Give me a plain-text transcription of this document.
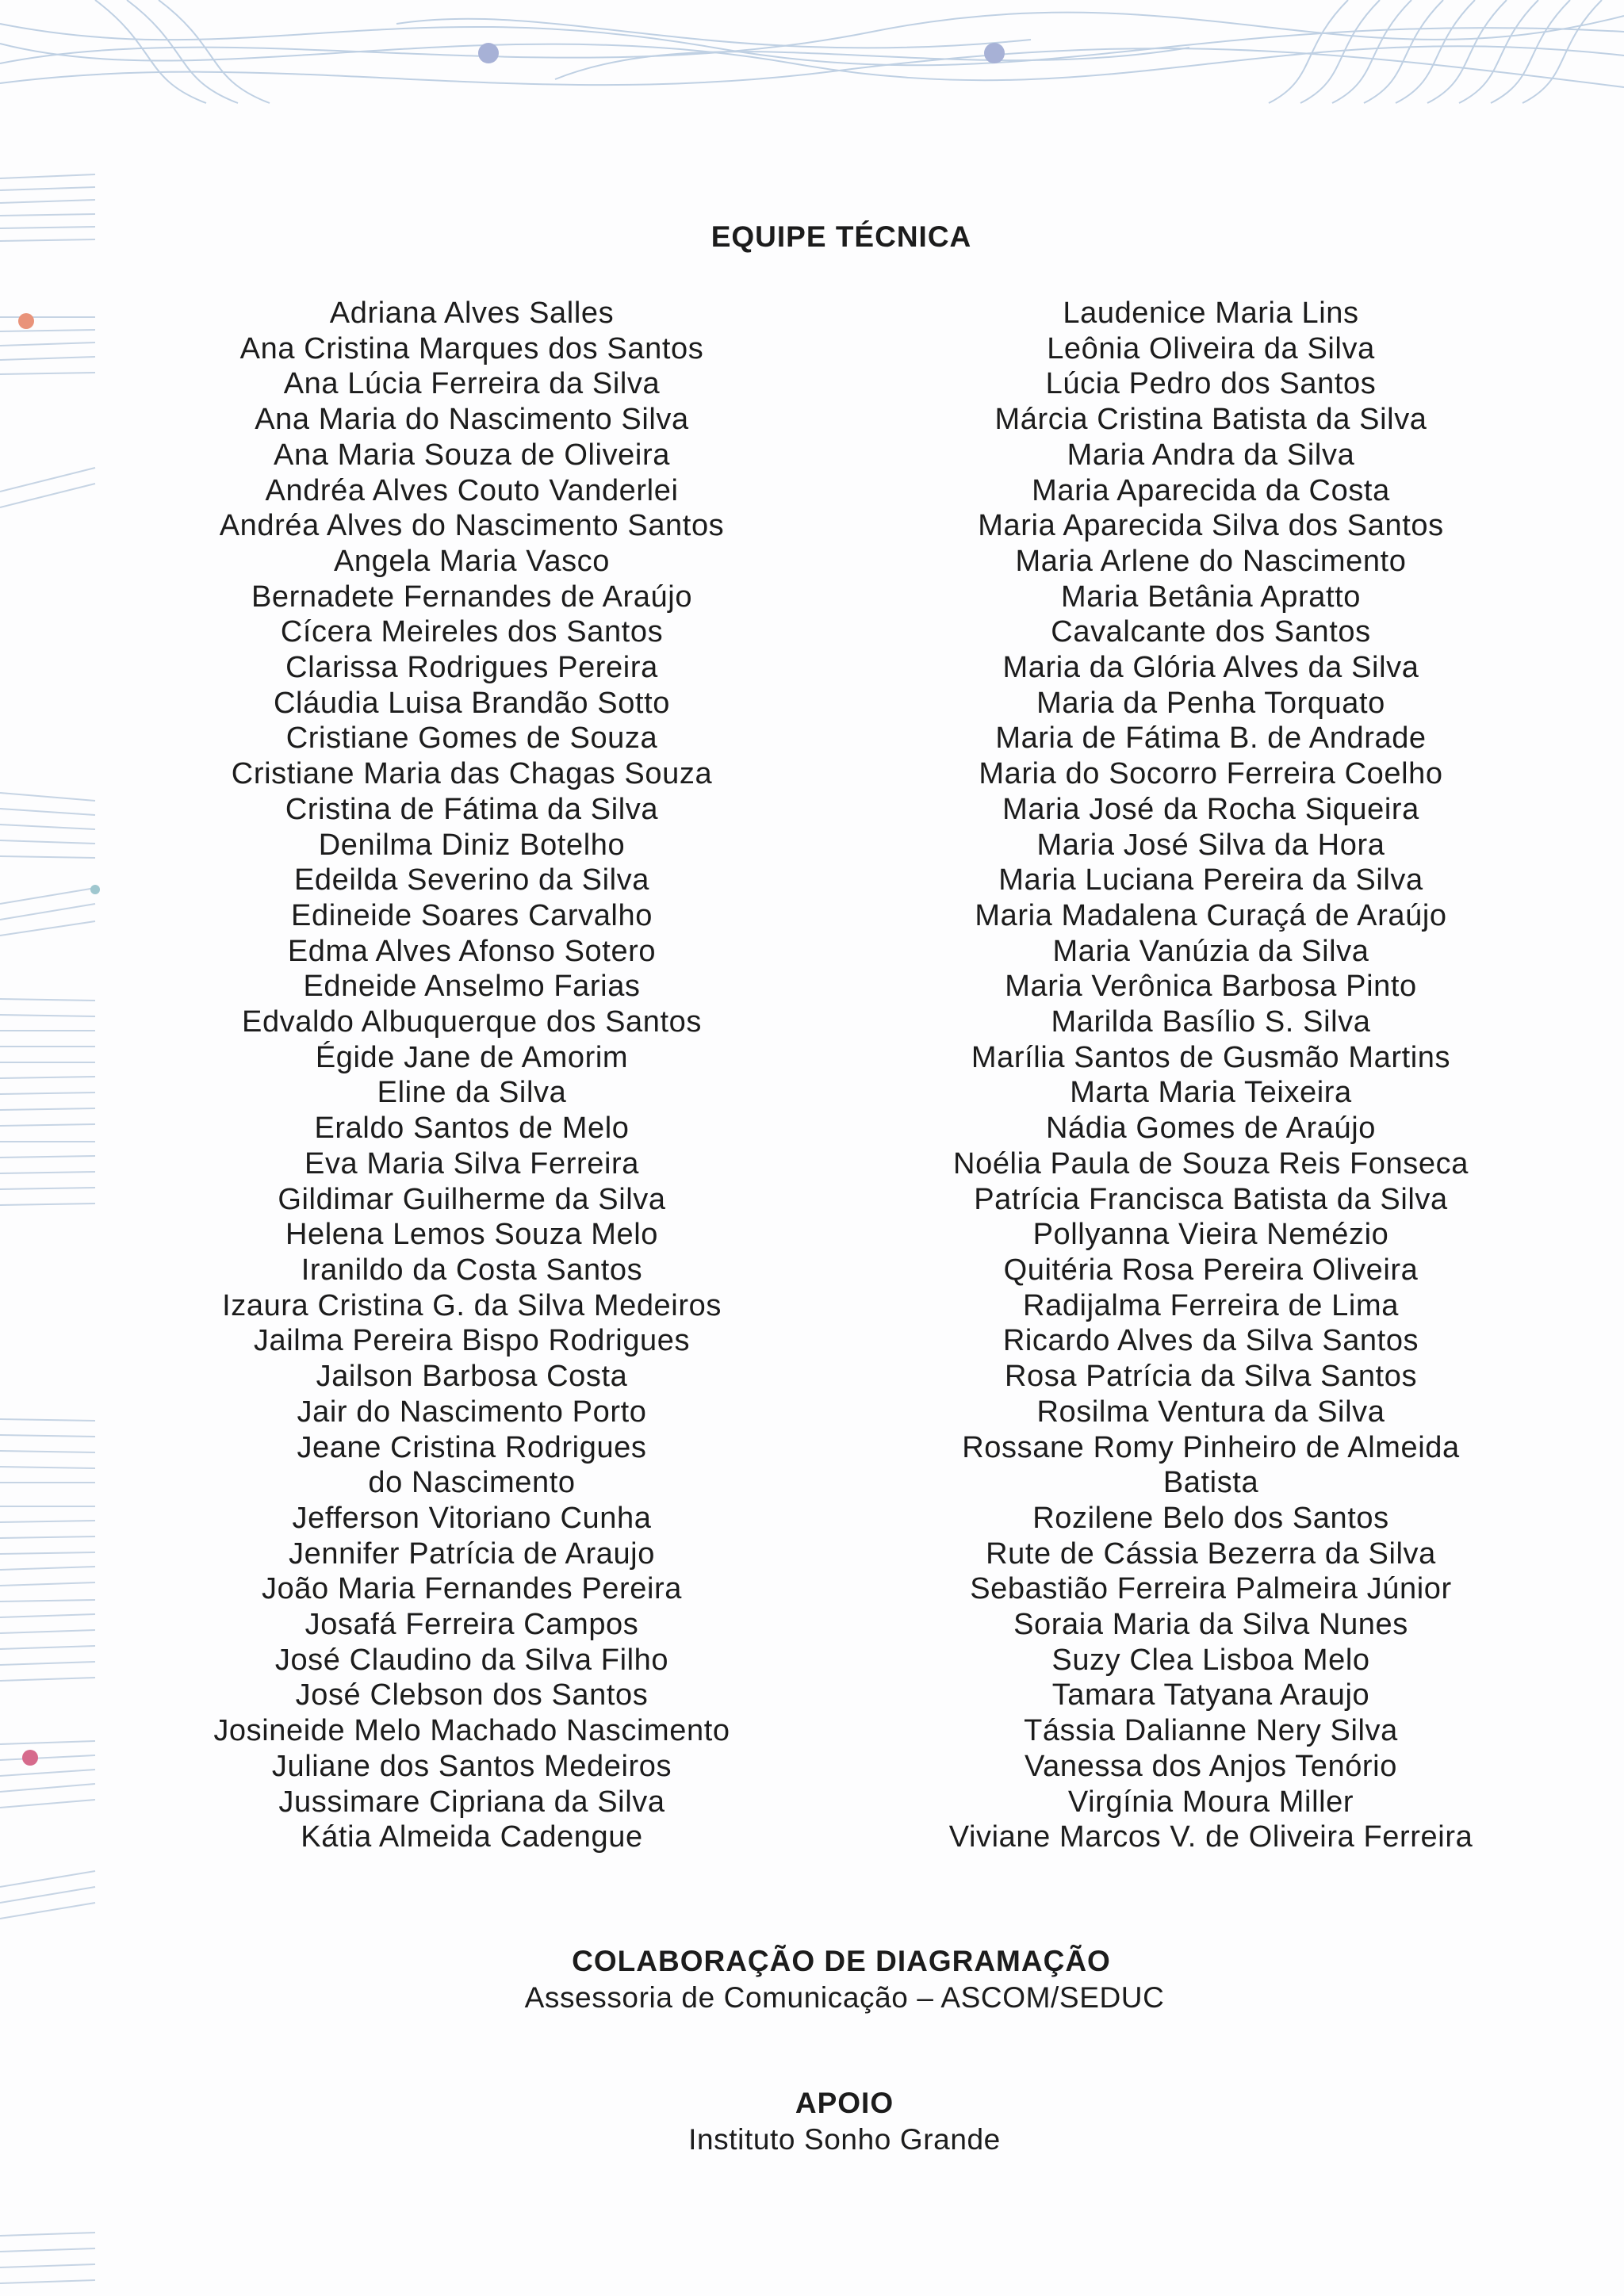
EQUIPE TÉCNICA
Adriana Alves Salles
Ana Cristina Marques dos Santos
Ana Lúcia Ferreira da Silva
Ana Maria do Nascimento Silva
Ana Maria Souza de Oliveira
Andréa Alves Couto Vanderlei
Andréa Alves do Nascimento Santos
Angela Maria Vasco
Bernadete Fernandes de Araújo
Cícera Meireles dos Santos
Clarissa Rodrigues Pereira
Cláudia Luisa Brandão Sotto
Cristiane Gomes de Souza
Cristiane Maria das Chagas Souza
Cristina de Fátima da Silva
Denilma Diniz Botelho
Edeilda Severino da Silva
Edineide Soares Carvalho
Edma Alves Afonso Sotero
Edneide Anselmo Farias
Edvaldo Albuquerque dos Santos
Égide Jane de Amorim
Eline da Silva
Eraldo Santos de Melo
Eva Maria Silva Ferreira
Gildimar Guilherme da Silva
Helena Lemos Souza Melo
Iranildo da Costa Santos
Izaura Cristina G. da Silva Medeiros
Jailma Pereira Bispo Rodrigues
Jailson Barbosa Costa
Jair do Nascimento Porto
Jeane Cristina Rodrigues
do Nascimento
Jefferson Vitoriano Cunha
Jennifer Patrícia de Araujo
João Maria Fernandes Pereira
Josafá Ferreira Campos
José Claudino da Silva Filho
José Clebson dos Santos
Josineide Melo Machado Nascimento
Juliane dos Santos Medeiros
Jussimare Cipriana da Silva
Kátia Almeida Cadengue
Laudenice Maria Lins
Leônia Oliveira da Silva
Lúcia Pedro dos Santos
Márcia Cristina Batista da Silva
Maria Andra da Silva
Maria Aparecida da Costa
Maria Aparecida Silva dos Santos
Maria Arlene do Nascimento
Maria Betânia Apratto
Cavalcante dos Santos
Maria da Glória Alves da Silva
Maria da Penha Torquato
Maria de Fátima B. de Andrade
Maria do Socorro Ferreira Coelho
Maria José da Rocha Siqueira
Maria José Silva da Hora
Maria Luciana Pereira da Silva
Maria Madalena Curaçá de Araújo
Maria Vanúzia da Silva
Maria Verônica Barbosa Pinto
Marilda Basílio S. Silva
Marília Santos de Gusmão Martins
Marta Maria Teixeira
Nádia Gomes de Araújo
Noélia Paula de Souza Reis Fonseca
Patrícia Francisca Batista da Silva
Pollyanna Vieira Nemézio
Quitéria Rosa Pereira Oliveira
Radijalma Ferreira de Lima
Ricardo Alves da Silva Santos
Rosa Patrícia da Silva Santos
Rosilma Ventura da Silva
Rossane Romy Pinheiro de Almeida
Batista
Rozilene Belo dos Santos
Rute de Cássia Bezerra da Silva
Sebastião Ferreira Palmeira Júnior
Soraia Maria da Silva Nunes
Suzy Clea Lisboa Melo
Tamara Tatyana Araujo
Tássia Dalianne Nery Silva
Vanessa dos Anjos Tenório
Virgínia Moura Miller
Viviane Marcos V. de Oliveira Ferreira
COLABORAÇÃO DE DIAGRAMAÇÃO
Assessoria de Comunicação – ASCOM/SEDUC
APOIO
Instituto Sonho Grande
